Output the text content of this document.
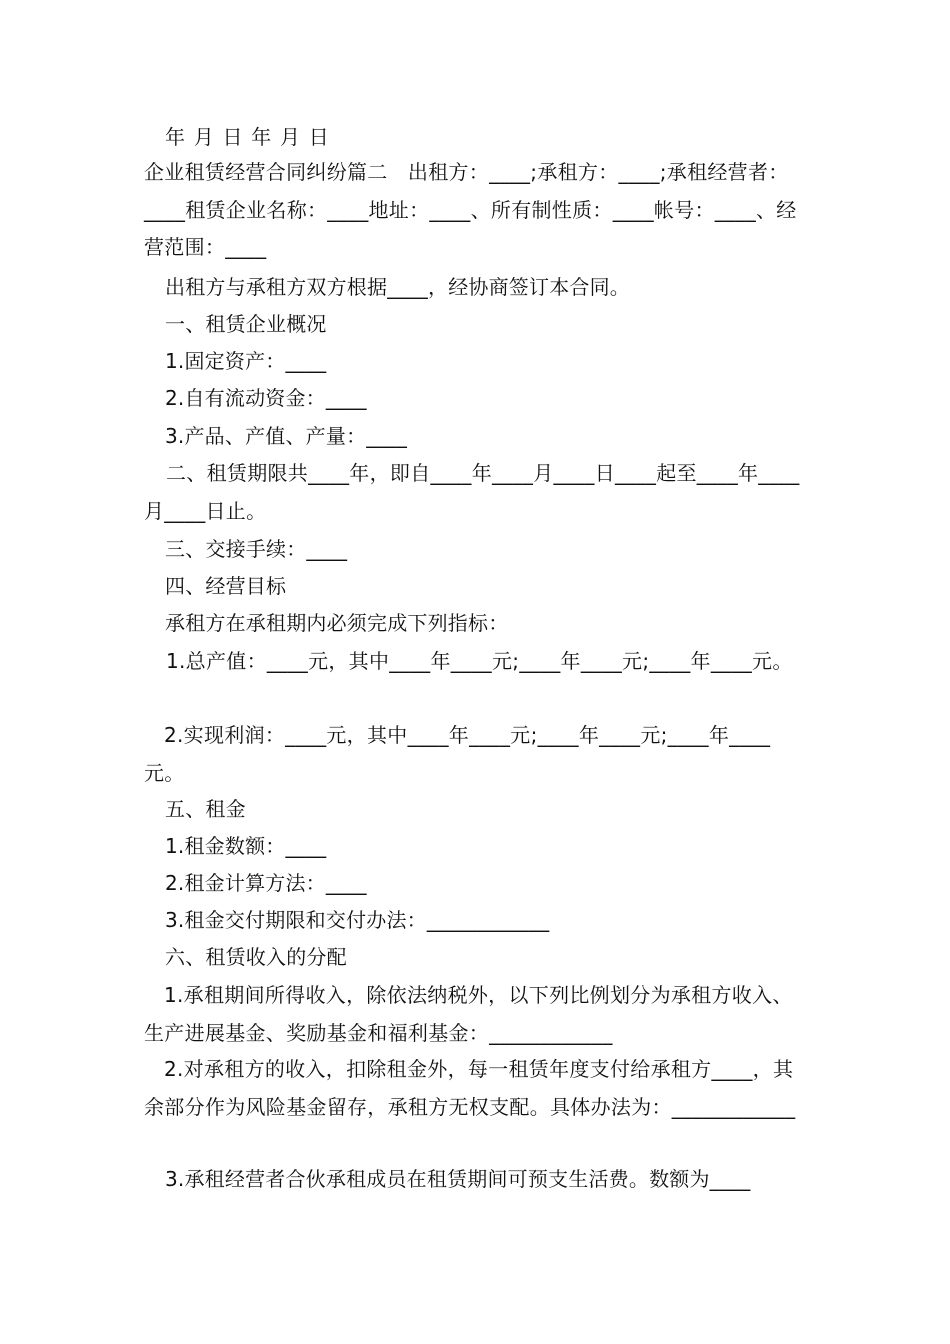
年 月 日 年 月 日
企业租赁经营合同纠纷篇二　出租方：____;承租方：____;承租经营者：____租赁企业名称：____地址：____、所有制性质：____帐号：____、经营范围：____
出租方与承租方双方根据____，经协商签订本合同。
一、租赁企业概况
1.固定资产：____
2.自有流动资金：____
3.产品、产值、产量：____
二、租赁期限共____年，即自____年____月____日____起至____年____月____日止。
三、交接手续：____
四、经营目标
承租方在承租期内必须完成下列指标：
1.总产值：____元，其中____年____元;____年____元;____年____元。
2.实现利润：____元，其中____年____元;____年____元;____年____元。
五、租金
1.租金数额：____
2.租金计算方法：____
3.租金交付期限和交付办法：____________
六、租赁收入的分配
1.承租期间所得收入，除依法纳税外，以下列比例划分为承租方收入、生产进展基金、奖励基金和福利基金：____________
2.对承租方的收入，扣除租金外，每一租赁年度支付给承租方____，其余部分作为风险基金留存，承租方无权支配。具体办法为：____________
3.承租经营者合伙承租成员在租赁期间可预支生活费。数额为____
